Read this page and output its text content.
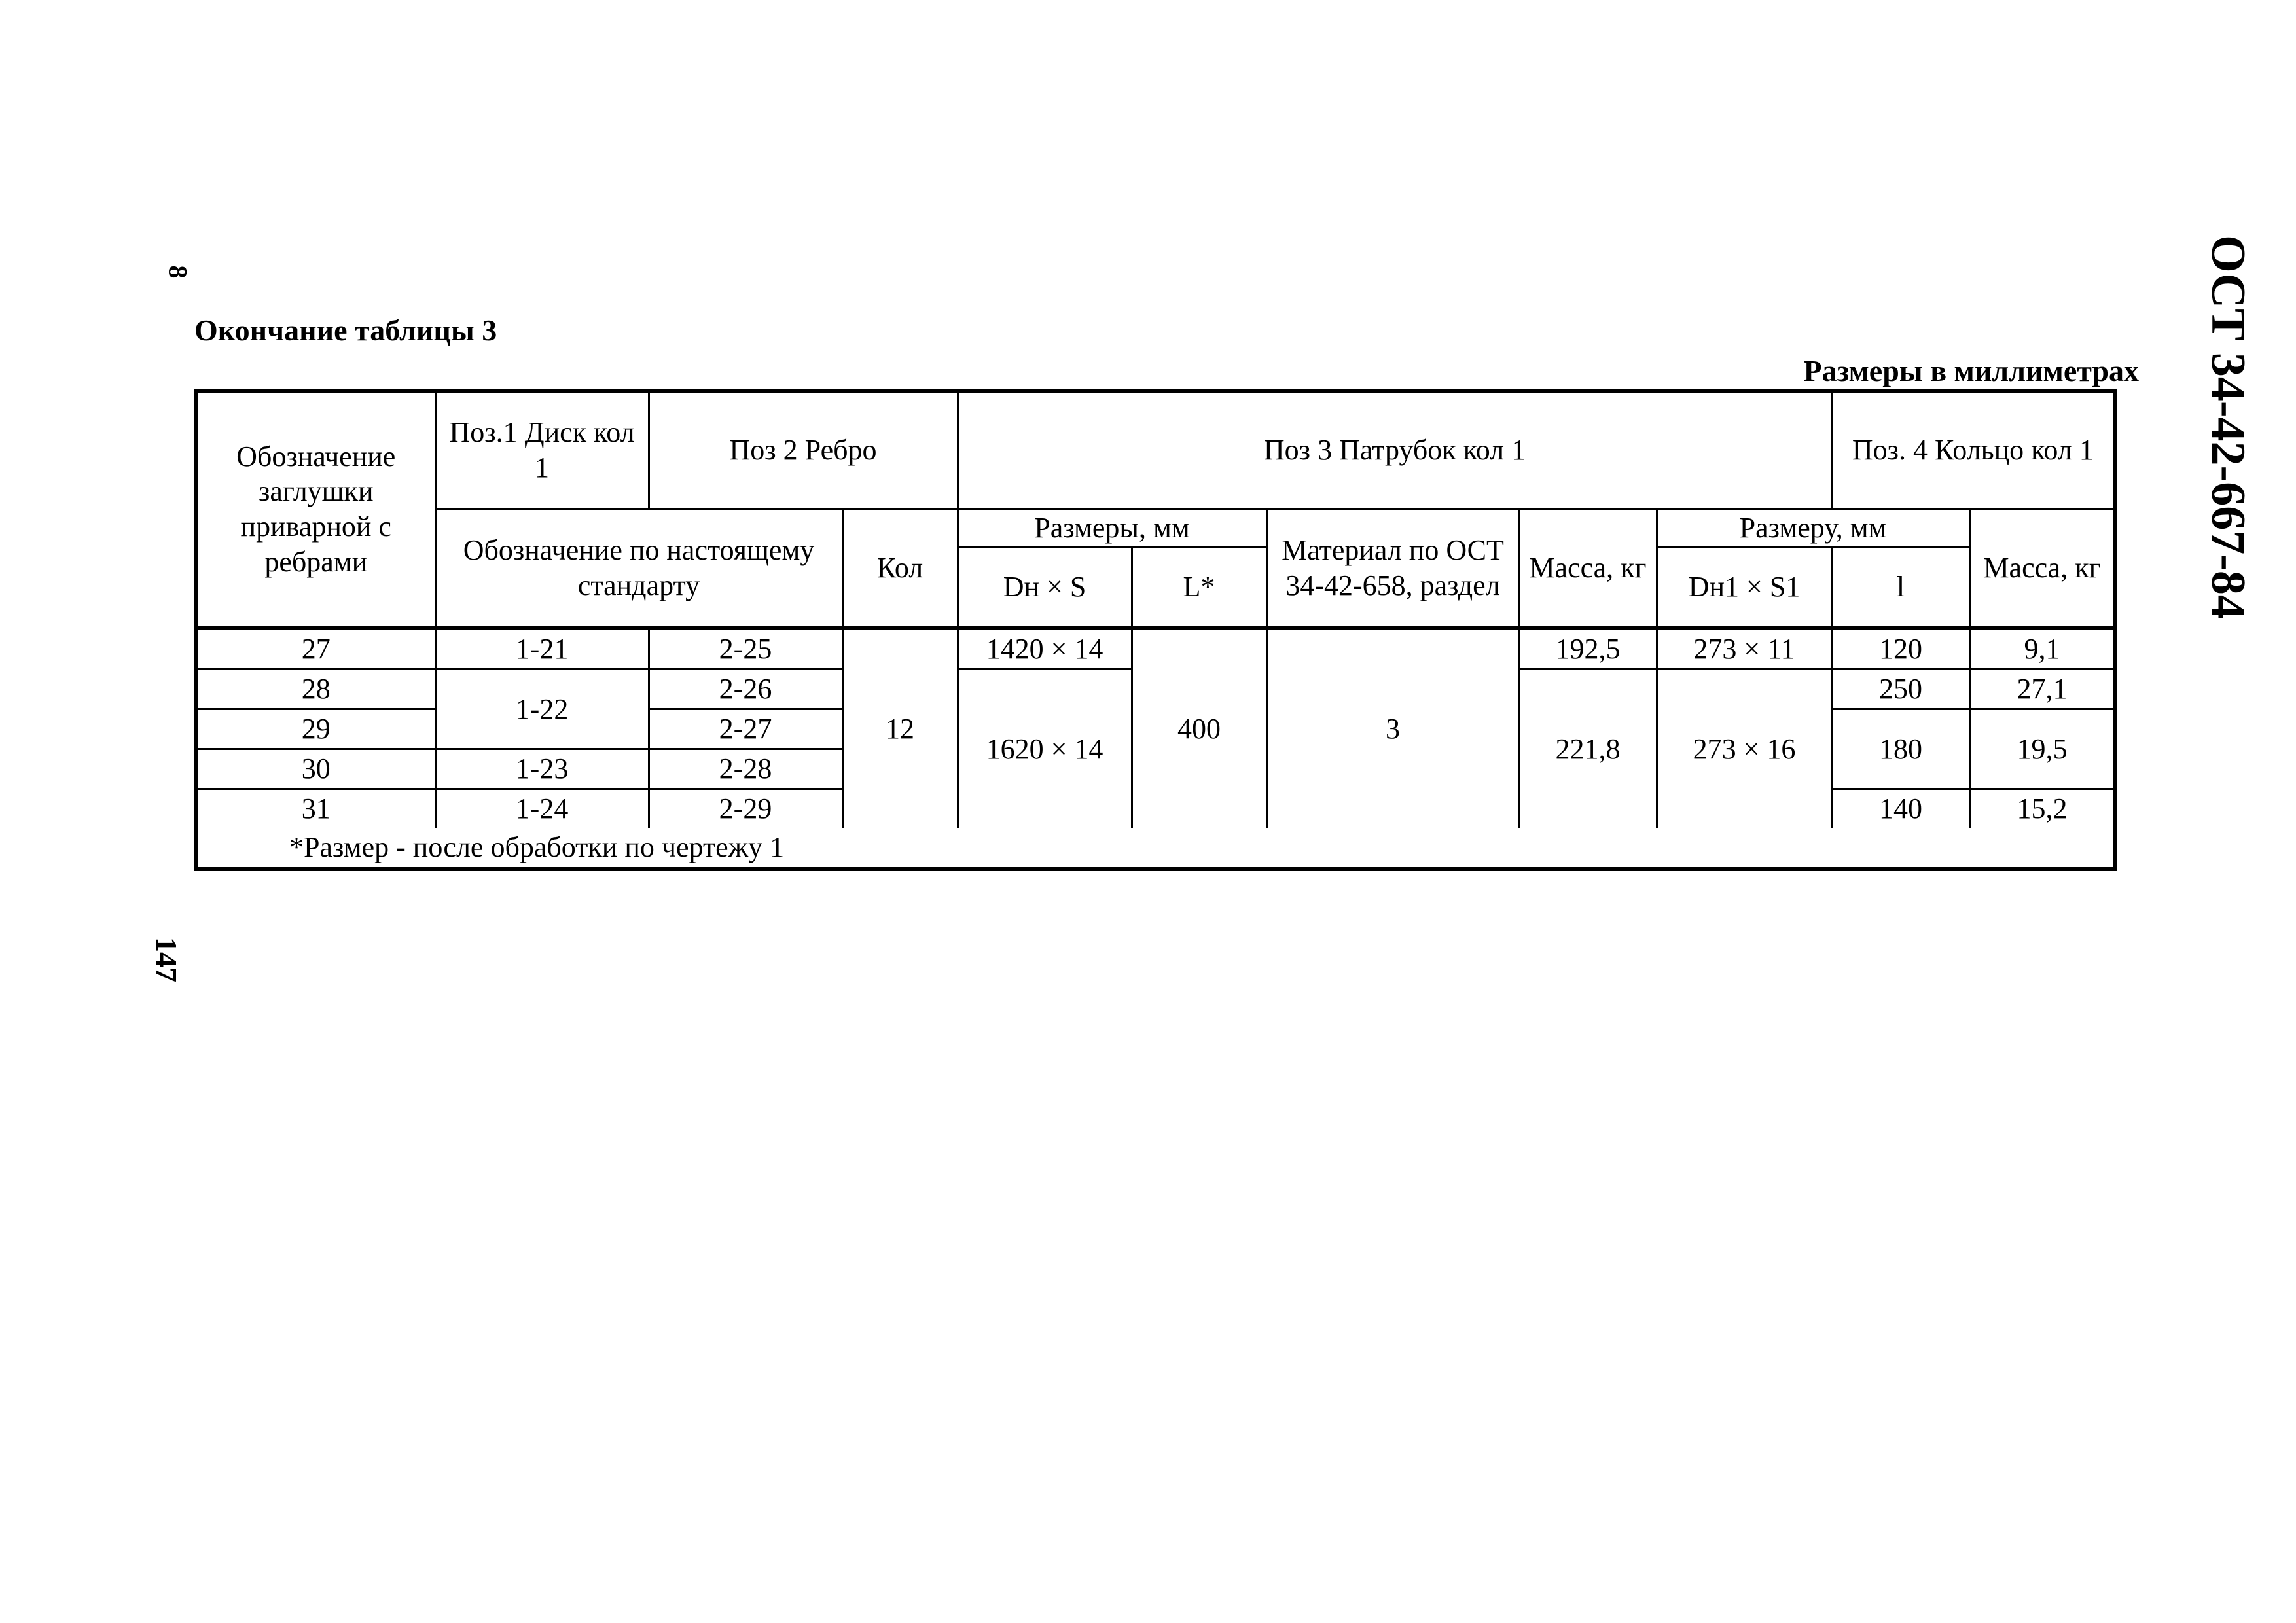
8	ОСТ 34-42-667-84
Окончание таблицы 3
Размеры в миллиметрах
Обозначение заглушки приварной с ребрами	Поз.1 Диск кол 1	Поз 2 Ребро		Поз 3 Патрубок кол 1					Поз. 4 Кольцо кол 1	
	Обозначение по настоящему стандарту		Кол	Размеры, мм		Материал по ОСТ 34-42-658, раздел	Масса, кг	Размеру, мм		Масса, кг
				Dн × S	L*			Dн1 × S1	l	
27	1-21	2-25	12	1420 × 14	400	3	192,5	273 × 11	120	9,1
28	1-22	2-26		1620 × 14			221,8	273 × 16	250	27,1
29		2-27							180	19,5
30	1-23	2-28								
31	1-24	2-29							140	15,2
*Размер - после обработки по чертежу 1										
147
